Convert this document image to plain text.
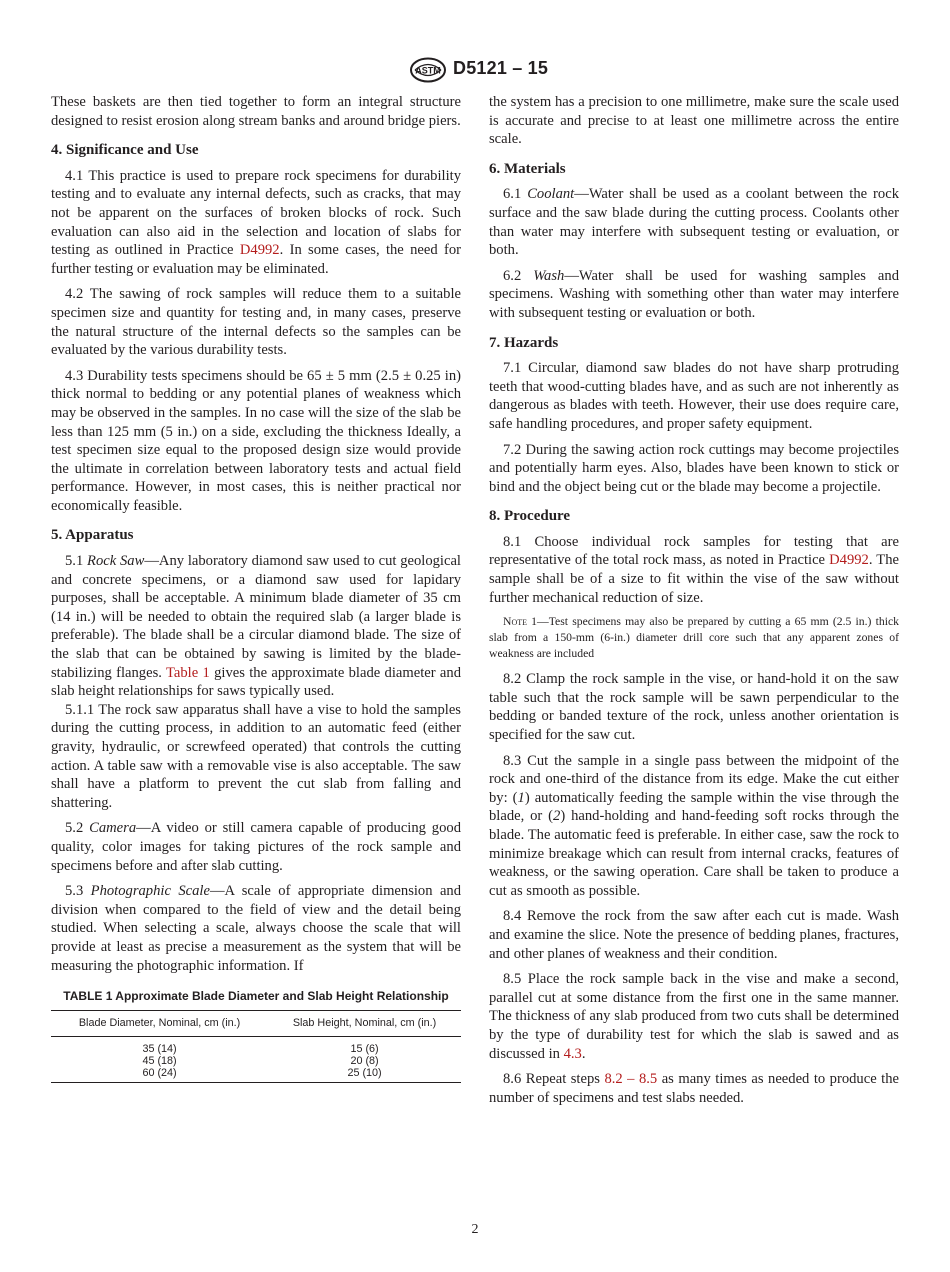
ASTM D5121 – 15

These baskets are then tied together to form an integral structure designed to resist erosion along stream banks and around bridge piers.

4. Significance and Use

4.1 This practice is used to prepare rock specimens for durability testing and to evaluate any internal defects, such as cracks, that may not be apparent on the surfaces of broken blocks of rock. Such evaluation can also aid in the selection and location of slabs for testing as outlined in Practice D4992. In some cases, the need for further testing or evaluation may be eliminated.

4.2 The sawing of rock samples will reduce them to a suitable specimen size and quantity for testing and, in many cases, preserve the natural structure of the internal defects so the samples can be evaluated by the various durability tests.

4.3 Durability tests specimens should be 65 ± 5 mm (2.5 ± 0.25 in) thick normal to bedding or any potential planes of weakness which may be observed in the samples. In no case will the size of the slab be less than 125 mm (5 in.) on a side, excluding the thickness Ideally, a test specimen size equal to the proposed design size would provide the ultimate in correlation between laboratory tests and actual field performance. However, in most cases, this is neither practical nor economically feasible.

5. Apparatus

5.1 Rock Saw—Any laboratory diamond saw used to cut geological and concrete specimens, or a diamond saw used for lapidary purposes, shall be acceptable. A minimum blade diameter of 35 cm (14 in.) will be needed to obtain the required slab (a larger blade is preferable). The blade shall be a circular diamond blade. The size of the slab that can be obtained by sawing is limited by the blade-stabilizing flanges. Table 1 gives the approximate blade diameter and slab height relationships for saws typically used.

5.1.1 The rock saw apparatus shall have a vise to hold the samples during the cutting process, in addition to an automatic feed (either gravity, hydraulic, or screwfeed operated) that controls the cutting action. A table saw with a removable vise is also acceptable. The saw shall have a platform to prevent the cut slab from falling and shattering.

5.2 Camera—A video or still camera capable of producing good quality, color images for taking pictures of the rock sample and specimens before and after slab cutting.

5.3 Photographic Scale—A scale of appropriate dimension and division when compared to the field of view and the detail being studied. When selecting a scale, always choose the scale that will provide at least as precise a measurement as the system that will be measuring the photographic information. If

TABLE 1 Approximate Blade Diameter and Slab Height Relationship
Blade Diameter, Nominal, cm (in.)	Slab Height, Nominal, cm (in.)
35 (14)	15 (6)
45 (18)	20 (8)
60 (24)	25 (10)

the system has a precision to one millimetre, make sure the scale used is accurate and precise to at least one millimetre across the entire scale.

6. Materials

6.1 Coolant—Water shall be used as a coolant between the rock surface and the saw blade during the cutting process. Coolants other than water may interfere with subsequent testing or evaluation, or both.

6.2 Wash—Water shall be used for washing samples and specimens. Washing with something other than water may interfere with subsequent testing or evaluation or both.

7. Hazards

7.1 Circular, diamond saw blades do not have sharp protruding teeth that wood-cutting blades have, and as such are not inherently as dangerous as blades with teeth. However, their use does require care, safe handling procedures, and proper safety equipment.

7.2 During the sawing action rock cuttings may become projectiles and potentially harm eyes. Also, blades have been known to stick or bind and the object being cut or the blade may become a projectile.

8. Procedure

8.1 Choose individual rock samples for testing that are representative of the total rock mass, as noted in Practice D4992. The sample shall be of a size to fit within the vise of the saw without further mechanical reduction of size.

Note 1—Test specimens may also be prepared by cutting a 65 mm (2.5 in.) thick slab from a 150-mm (6-in.) diameter drill core such that any apparent zones of weakness are included

8.2 Clamp the rock sample in the vise, or hand-hold it on the saw table such that the rock sample will be sawn perpendicular to the bedding or banded texture of the rock, unless another orientation is specified for the saw cut.

8.3 Cut the sample in a single pass between the midpoint of the rock and one-third of the distance from its edge. Make the cut either by: (1) automatically feeding the sample within the vise through the blade, or (2) hand-holding and hand-feeding soft rocks through the blade. The automatic feed is preferable. In either case, saw the rock to minimize breakage which can result from internal cracks, features of weakness, or the sawing operation. Care shall be taken to produce a cut as smooth as possible.

8.4 Remove the rock from the saw after each cut is made. Wash and examine the slice. Note the presence of bedding planes, fractures, and other planes of weakness and their condition.

8.5 Place the rock sample back in the vise and make a second, parallel cut at some distance from the first one in the same manner. The thickness of any slab produced from two cuts shall be determined by the type of durability test for which the slab is sawed and as discussed in 4.3.

8.6 Repeat steps 8.2 – 8.5 as many times as needed to produce the number of specimens and test slabs needed.

2
